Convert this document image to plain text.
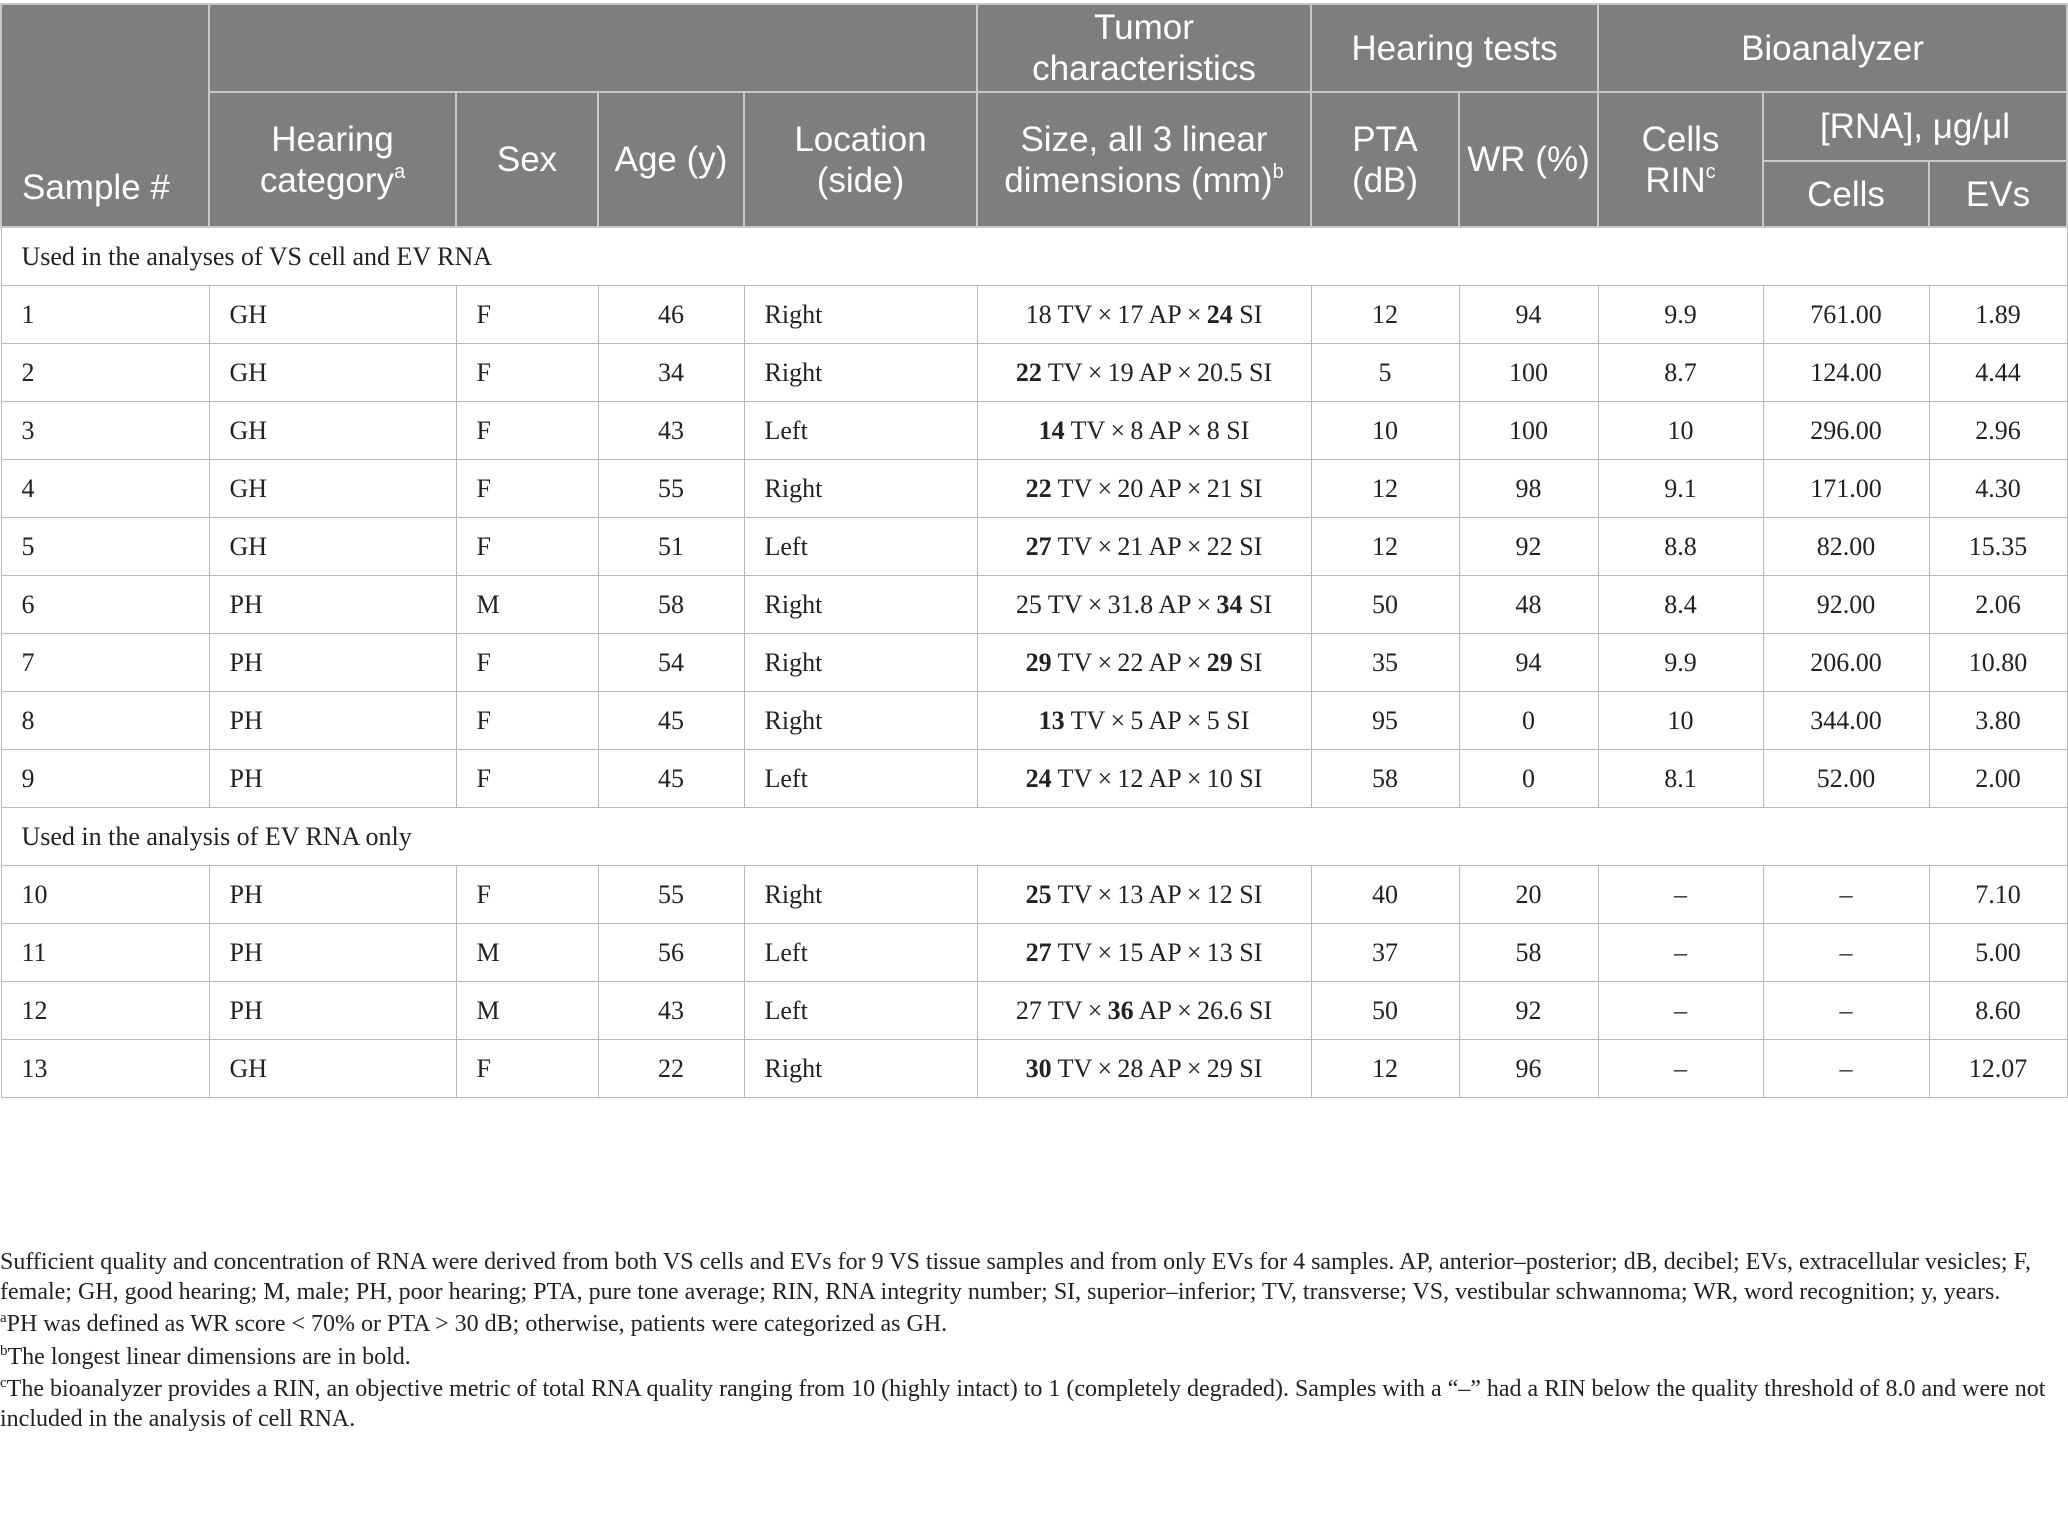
Sample #					Tumor characteristics	Hearing tests		Bioanalyzer		
	Hearing category$^a$	Sex	Age (y)	Location (side)	Size, all 3 linear dimensions (mm)$^b$	PTA (dB)	WR (%)	Cells RIN$^c$	[RNA], μg/μl	
									Cells	EVs
Used in the analyses of VS cell and EV RNA										
1	GH	F	46	Right	18 TV × 17 AP × 24 SI	12	94	9.9	761.00	1.89
2	GH	F	34	Right	22 TV × 19 AP × 20.5 SI	5	100	8.7	124.00	4.44
3	GH	F	43	Left	14 TV × 8 AP × 8 SI	10	100	10	296.00	2.96
4	GH	F	55	Right	22 TV × 20 AP × 21 SI	12	98	9.1	171.00	4.30
5	GH	F	51	Left	27 TV × 21 AP × 22 SI	12	92	8.8	82.00	15.35
6	PH	M	58	Right	25 TV × 31.8 AP × 34 SI	50	48	8.4	92.00	2.06
7	PH	F	54	Right	29 TV × 22 AP × 29 SI	35	94	9.9	206.00	10.80
8	PH	F	45	Right	13 TV × 5 AP × 5 SI	95	0	10	344.00	3.80
9	PH	F	45	Left	24 TV × 12 AP × 10 SI	58	0	8.1	52.00	2.00
Used in the analysis of EV RNA only										
10	PH	F	55	Right	25 TV × 13 AP × 12 SI	40	20	–	–	7.10
11	PH	M	56	Left	27 TV × 15 AP × 13 SI	37	58	–	–	5.00
12	PH	M	43	Left	27 TV × 36 AP × 26.6 SI	50	92	–	–	8.60
13	GH	F	22	Right	30 TV × 28 AP × 29 SI	12	96	–	–	12.07

Sufficient quality and concentration of RNA were derived from both VS cells and EVs for 9 VS tissue samples and from only EVs for 4 samples. AP, anterior–posterior; dB, decibel; EVs, extracellular vesicles; F, female; GH, good hearing; M, male; PH, poor hearing; PTA, pure tone average; RIN, RNA integrity number; SI, superior–inferior; TV, transverse; VS, vestibular schwannoma; WR, word recognition; y, years.

$^a$PH was defined as WR score < 70% or PTA > 30 dB; otherwise, patients were categorized as GH.

$^b$The longest linear dimensions are in bold.

$^c$The bioanalyzer provides a RIN, an objective metric of total RNA quality ranging from 10 (highly intact) to 1 (completely degraded). Samples with a “–” had a RIN below the quality threshold of 8.0 and were not included in the analysis of cell RNA.
